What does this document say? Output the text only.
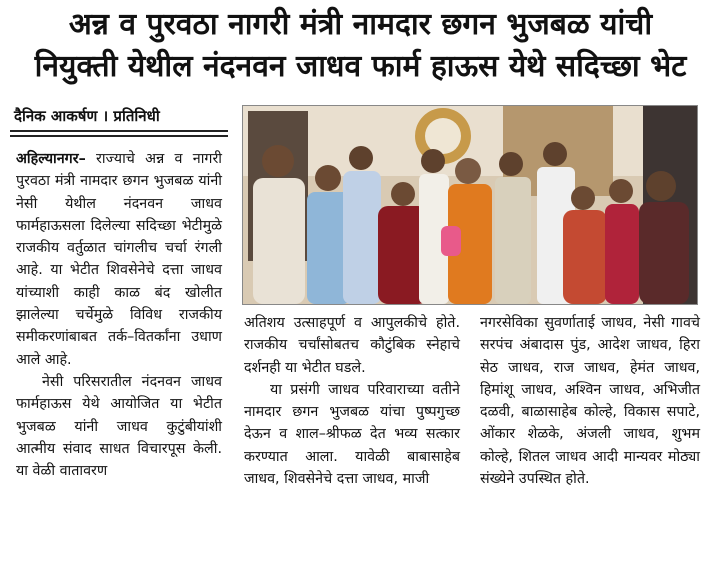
अन्न व पुरवठा नागरी मंत्री नामदार छगन भुजबळ यांची
नियुक्ती येथील नंदनवन जाधव फार्म हाऊस येथे सदिच्छा भेट
दैनिक आकर्षण । प्रतिनिधी

अहिल्यानगर– राज्याचे अन्न व नागरी पुरवठा मंत्री नामदार छगन भुजबळ यांनी नेसी येथील नंदनवन जाधव फार्महाऊसला दिलेल्या सदिच्छा भेटीमुळे राजकीय वर्तुळात चांगलीच चर्चा रंगली आहे. या भेटीत शिवसेनेचे दत्ता जाधव यांच्याशी काही काळ बंद खोलीत झालेल्या चर्चेमुळे विविध राजकीय समीकरणांबाबत तर्क–वितर्कांना उधाण आले आहे.

नेसी परिसरातील नंदनवन जाधव फार्महाऊस येथे आयोजित या भेटीत भुजबळ यांनी जाधव कुटुंबीयांशी आत्मीय संवाद साधत विचारपूस केली. या वेळी वातावरण

अतिशय उत्साहपूर्ण व आपुलकीचे होते. राजकीय चर्चांसोबतच कौटुंबिक स्नेहाचे दर्शनही या भेटीत घडले.

या प्रसंगी जाधव परिवाराच्या वतीने नामदार छगन भुजबळ यांचा पुष्पगुच्छ देऊन व शाल–श्रीफळ देत भव्य सत्कार करण्यात आला. यावेळी बाबासाहेब जाधव, शिवसेनेचे दत्ता जाधव, माजी

नगरसेविका सुवर्णाताई जाधव, नेसी गावचे सरपंच अंबादास पुंड, आदेश जाधव, हिरा सेठ जाधव, राज जाधव, हेमंत जाधव, हिमांशू जाधव, अश्विन जाधव, अभिजीत दळवी, बाळासाहेब कोल्हे, विकास सपाटे, ओंकार शेळके, अंजली जाधव, शुभम कोल्हे, शितल जाधव आदी मान्यवर मोठ्या संख्येने उपस्थित होते.
